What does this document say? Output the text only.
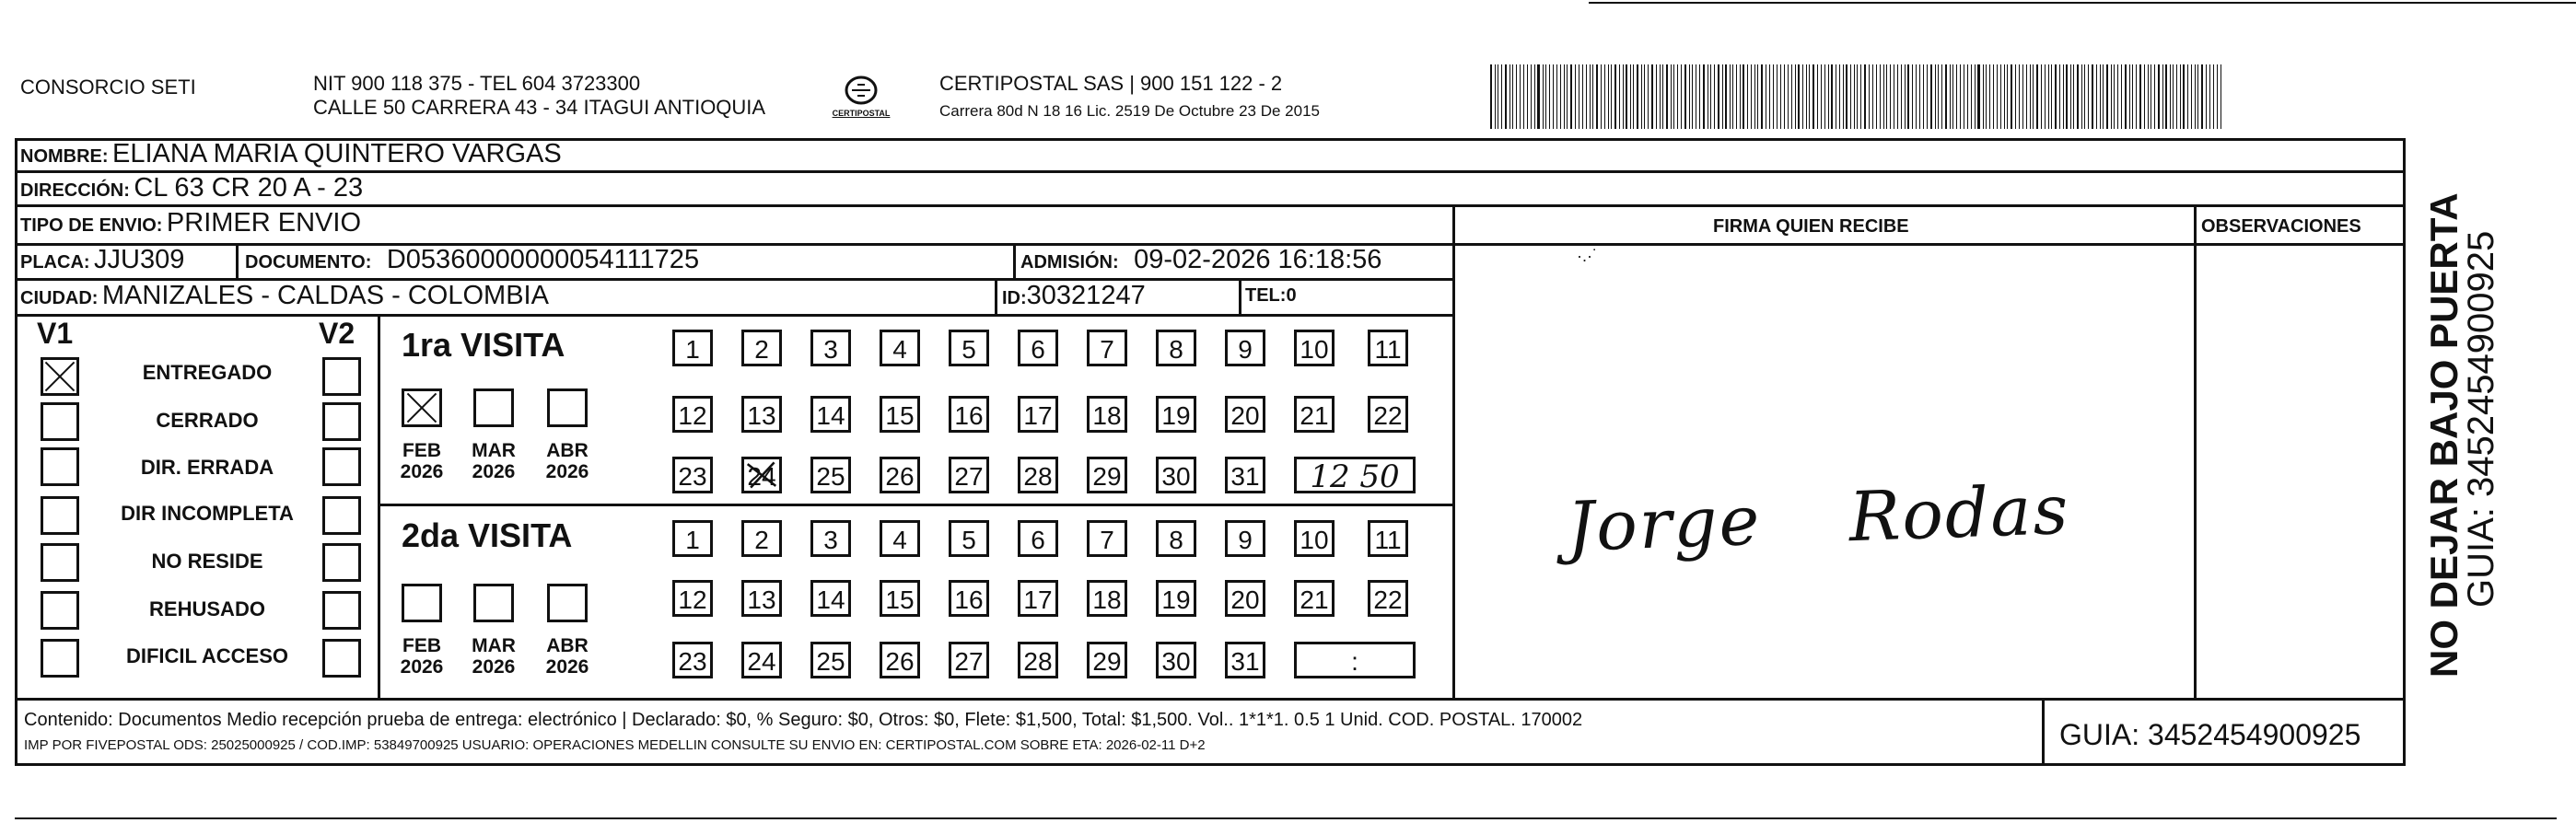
CONSORCIO SETI	NIT 900 118 375 - TEL 604 3723300
CALLE 50 CARRERA 43 - 34 ITAGUI ANTIOQUIA	CERTIPOSTAL
CERTIPOSTAL SAS | 900 151 122 - 2
Carrera 80d N 18 16 Lic. 2519 De Octubre 23 De 2015
NOMBRE: ELIANA MARIA QUINTERO VARGAS
DIRECCIÓN: CL 63 CR 20 A - 23
TIPO DE ENVIO: PRIMER ENVIO	FIRMA QUIEN RECIBE	OBSERVACIONES
PLACA: JJU309	DOCUMENTO: D05360000000054111725	ADMISIÓN: 09-02-2026 16:18:56
CIUDAD: MANIZALES - CALDAS - COLOMBIA	ID:30321247	TEL:0
V1	V2 1ra VISITA
2da VISITA
·.·˙
Jorge Rodas	NO DEJAR BAJO PUERTA
GUIA: 3452454900925
Contenido: Documentos Medio recepción prueba de entrega: electrónico | Declarado: $0, % Seguro: $0, Otros: $0, Flete: $1,500, Total: $1,500. Vol.. 1*1*1. 0.5 1 Unid. COD. POSTAL. 170002
IMP POR FIVEPOSTAL ODS: 25025000925 / COD.IMP: 53849700925 USUARIO: OPERACIONES MEDELLIN CONSULTE SU ENVIO EN: CERTIPOSTAL.COM SOBRE ETA: 2026-02-11 D+2	GUIA: 3452454900925
ENTREGADO
CERRADO
DIR. ERRADA
DIR INCOMPLETA
NO RESIDE
REHUSADO
DIFICIL ACCESO
FEB
2026
MAR
2026
ABR
2026
FEB
2026
MAR
2026
ABR
2026
1	2	3	4	5	6	7	8	9	10 11
12 13 14 15 16 17 18 19 20 21 22
23 24 25 26 27 28 29 30 31	12 50
1	2	3	4	5	6	7	8	9	10 11
12 13 14 15 16 17 18 19 20 21 22
23 24 25 26 27 28 29 30 31	:
